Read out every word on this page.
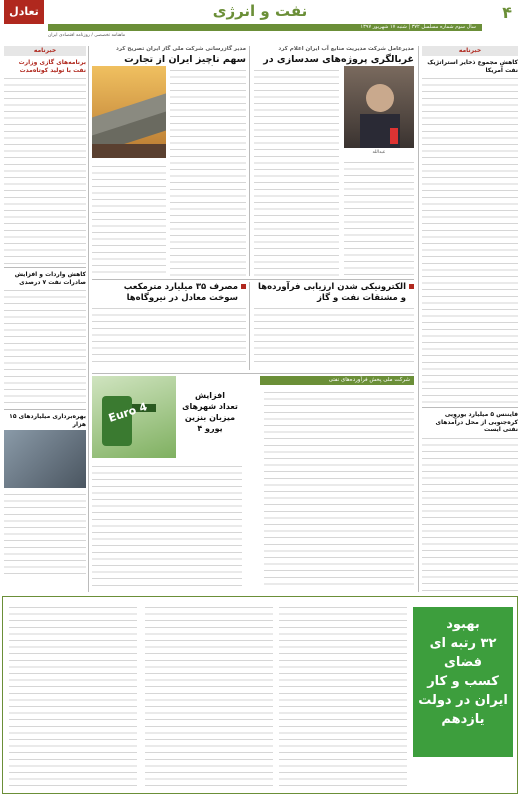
۴
نفت و انرژی
تعادل
سال سوم شماره مسلسل ۳۷۲ | شنبه ۱۷ شهریور ۱۳۹۷
ماهنامه تخصصی / روزنامه اقتصادی ایران
خبرنامه
کاهش مجموع ذخایر استراتژیک نفت آمریکا
فایننس ۵ میلیارد یورویی کره‌جنوبی از محل درآمدهای نفتی ایست
مدیرعامل شرکت مدیریت منابع آب ایران اعلام کرد
غربالگری پروژه‌های سدسازی در
عبدالله
مدیر گازرسانی شرکت ملی گاز ایران تصریح کرد
سهم ناچیز ایران از تجارت
خبرنامه
برنامه‌های گازی وزارت نفت با تولید کوتاه‌مدت
کاهش واردات و افزایش صادرات نفت ۷ درصدی
بهره‌برداری میلیاردهای ۱۵ هزار
الکترونیکی شدن ارزیابی فرآورده‌ها
و مشتقات نفت و گاز
مصرف ۳۵ میلیارد مترمکعب
سوخت معادل در نیروگاه‌ها
شرکت ملی پخش فرآورده‌های نفتی
Euro 4
افزایش
تعداد شهرهای
میزبان بنزین یورو ۴
بهبود
۳۲ رتبه ای
فضای
کسب و کار
ایران در دولت
یازدهم
